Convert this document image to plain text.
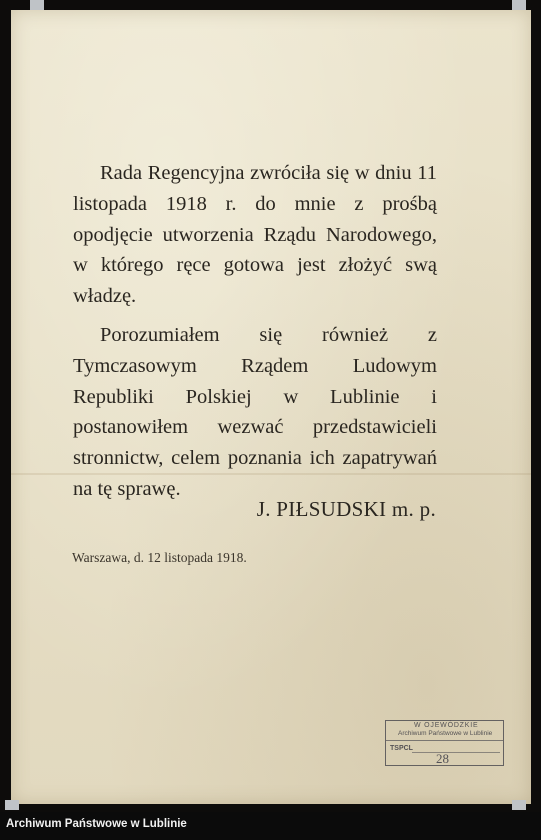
Rada Regencyjna zwróciła się w dniu 11 listopada 1918 r. do mnie z prośbą opodjęcie utworzenia Rządu Narodowego, w którego ręce gotowa jest złożyć swą władzę.

Porozumiałem się również z Tymczasowym Rządem Ludowym Republiki Polskiej w Lublinie i postanowiłem wezwać przedstawicieli stronnictw, celem poznania ich zapatrywań na tę sprawę.

J. PIŁSUDSKI m. p.
Warszawa, d. 12 listopada 1918.
W OJEWÓDZKIE
Archiwum Państwowe w Lublinie
TSPCL
28
Archiwum Państwowe w Lublinie
